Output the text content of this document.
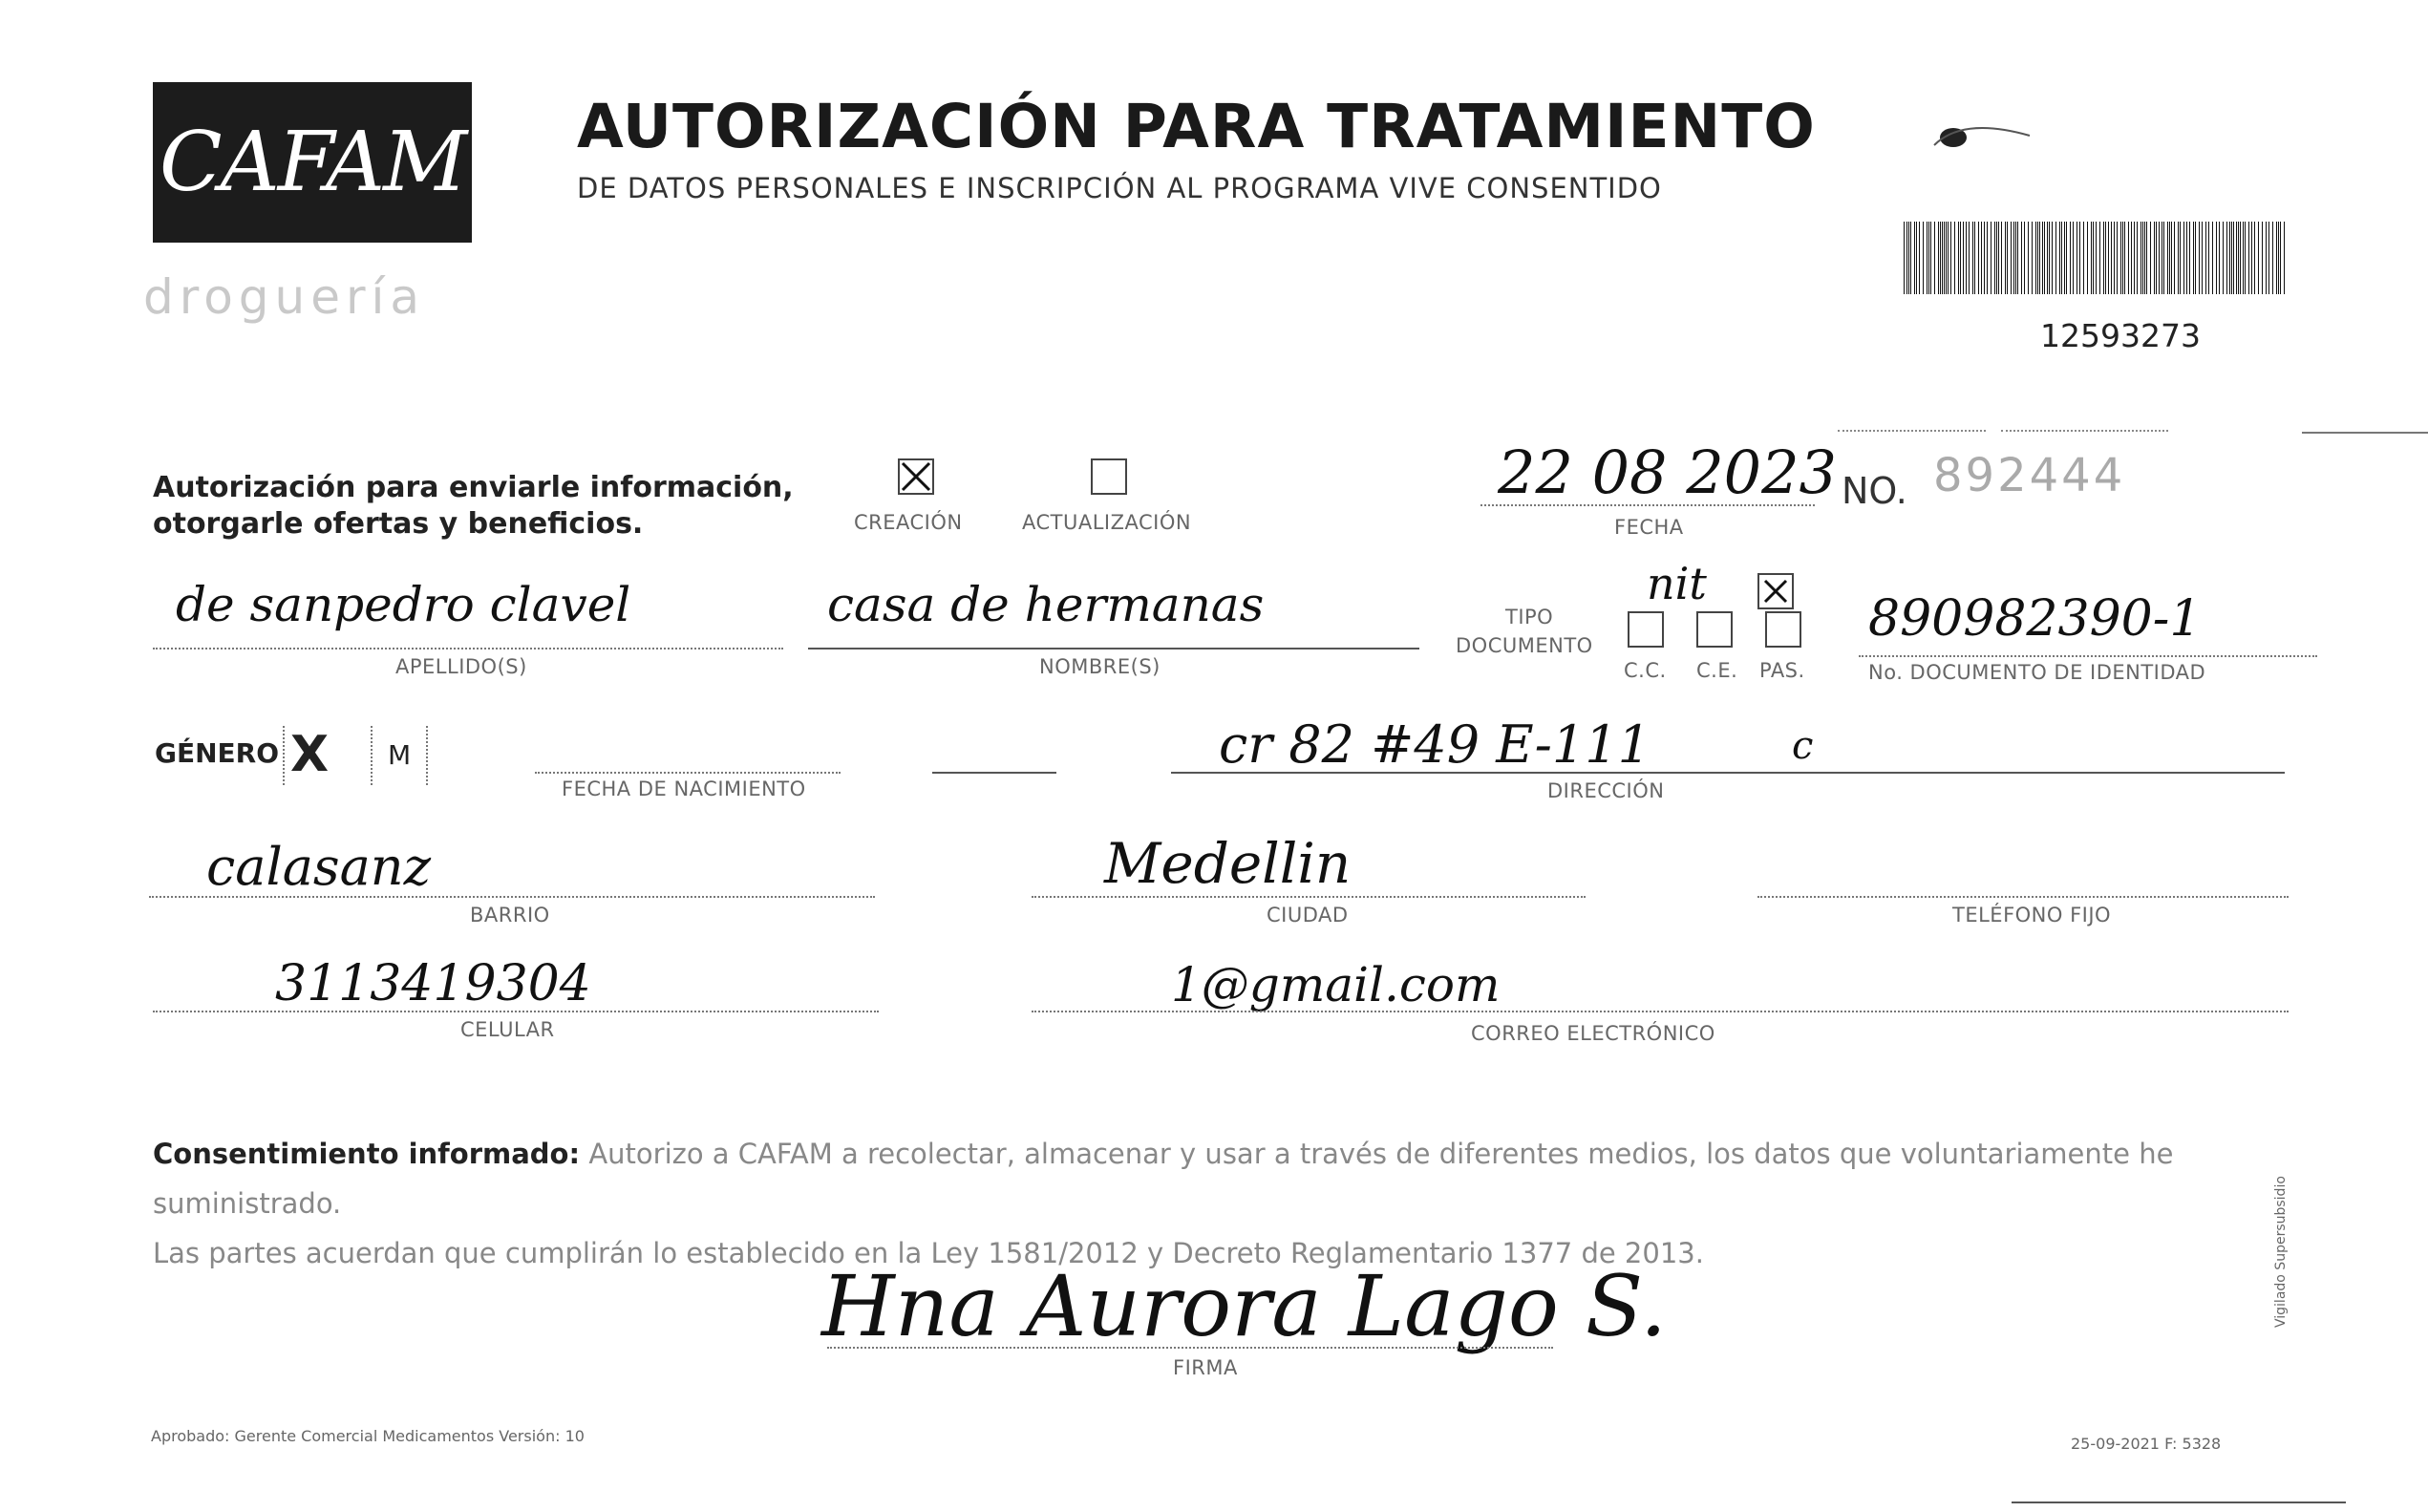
CAFAM
droguería
AUTORIZACIÓN PARA TRATAMIENTO
DE DATOS PERSONALES E INSCRIPCIÓN AL PROGRAMA VIVE CONSENTIDO
12593273
Autorización para enviarle información,
otorgarle ofertas y beneficios.	CREACIÓN	ACTUALIZACIÓN
22 08 2023
FECHA
NO. 892444
de sanpedro clavel
APELLIDO(S)
casa de hermanas
NOMBRE(S)
TIPO
DOCUMENTO
nit
C.C. C.E. PAS.
890982390-1
No. DOCUMENTO DE IDENTIDAD
GÉNERO X M
FECHA DE NACIMIENTO
cr 82 #49 E-111	c
DIRECCIÓN
calasanz
BARRIO
Medellin
CIUDAD	TELÉFONO FIJO
3113419304
CELULAR
1@gmail.com
CORREO ELECTRÓNICO
Consentimiento informado: Autorizo a CAFAM a recolectar, almacenar y usar a través de diferentes medios, los datos que voluntariamente he suministrado.
Las partes acuerdan que cumplirán lo establecido en la Ley 1581/2012 y Decreto Reglamentario 1377 de 2013.
Hna Aurora Lago S.
FIRMA
Aprobado: Gerente Comercial Medicamentos Versión: 10	25-09-2021 F: 5328
Vigilado Supersubsidio
